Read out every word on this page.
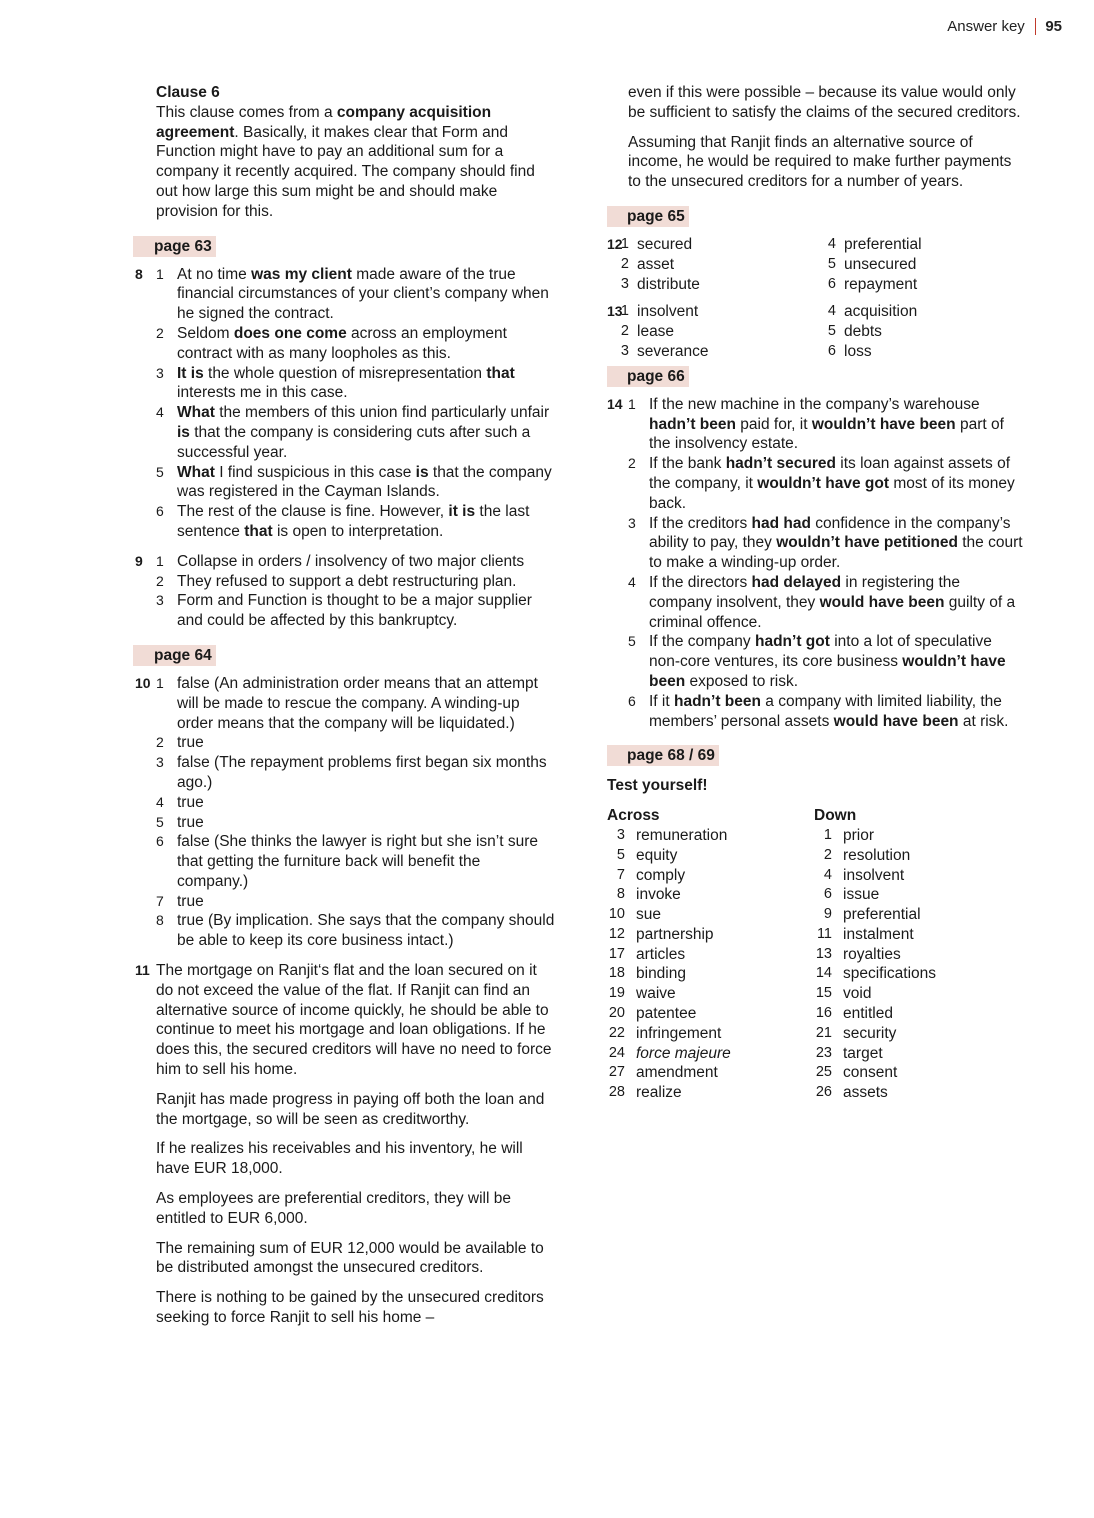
Answer key 95

Clause 6

This clause comes from a company acquisition agreement. Basically, it makes clear that Form and Function might have to pay an additional sum for a company it recently acquired. The company should find out how large this sum might be and should make provision for this.

page 63
8 1 At no time was my client made aware of the true financial circumstances of your client’s company when he signed the contract.
2 Seldom does one come across an employment contract with as many loopholes as this.
3 It is the whole question of misrepresentation that interests me in this case.
4 What the members of this union find particularly unfair is that the company is considering cuts after such a successful year.
5 What I find suspicious in this case is that the company was registered in the Cayman Islands.
6 The rest of the clause is fine. However, it is the last sentence that is open to interpretation.
9 1 Collapse in orders / insolvency of two major clients
2 They refused to support a debt restructuring plan.
3 Form and Function is thought to be a major supplier and could be affected by this bankruptcy.
page 64
10 1 false (An administration order means that an attempt will be made to rescue the company. A winding-up order means that the company will be liquidated.)
2 true
3 false (The repayment problems first began six months ago.)
4 true
5 true
6 false (She thinks the lawyer is right but she isn’t sure that getting the furniture back will benefit the company.)
7 true
8 true (By implication. She says that the company should be able to keep its core business intact.)
11 The mortgage on Ranjit‘s flat and the loan secured on it do not exceed the value of the flat. If Ranjit can find an alternative source of income quickly, he should be able to continue to meet his mortgage and loan obligations. If he does this, the secured creditors will have no need to force him to sell his home.

Ranjit has made progress in paying off both the loan and the mortgage, so will be seen as creditworthy.

If he realizes his receivables and his inventory, he will have EUR 18,000.

As employees are preferential creditors, they will be entitled to EUR 6,000.

The remaining sum of EUR 12,000 would be available to be distributed amongst the unsecured creditors.

There is nothing to be gained by the unsecured creditors seeking to force Ranjit to sell his home –

even if this were possible – because its value would only be sufficient to satisfy the claims of the secured creditors.

Assuming that Ranjit finds an alternative source of income, he would be required to make further payments to the unsecured creditors for a number of years.

page 65
12
1 secured
2 asset
3 distribute
4 preferential
5 unsecured
6 repayment
13
1 insolvent
2 lease
3 severance
4 acquisition
5 debts
6 loss
page 66
14 1 If the new machine in the company’s warehouse hadn’t been paid for, it wouldn’t have been part of the insolvency estate.
2 If the bank hadn’t secured its loan against assets of the company, it wouldn’t have got most of its money back.
3 If the creditors had had confidence in the company’s ability to pay, they wouldn’t have petitioned the court to make a winding-up order.
4 If the directors had delayed in registering the company insolvent, they would have been guilty of a criminal offence.
5 If the company hadn’t got into a lot of speculative non-core ventures, its core business wouldn’t have been exposed to risk.
6 If it hadn’t been a company with limited liability, the members’ personal assets would have been at risk.
page 68 / 69

Test yourself!

Across

3 remuneration
5 equity
7 comply
8 invoke
10 sue
12 partnership
17 articles
18 binding
19 waive
20 patentee
22 infringement
24 force majeure
27 amendment
28 realize

Down

1 prior
2 resolution
4 insolvent
6 issue
9 preferential
11 instalment
13 royalties
14 specifications
15 void
16 entitled
21 security
23 target
25 consent
26 assets
